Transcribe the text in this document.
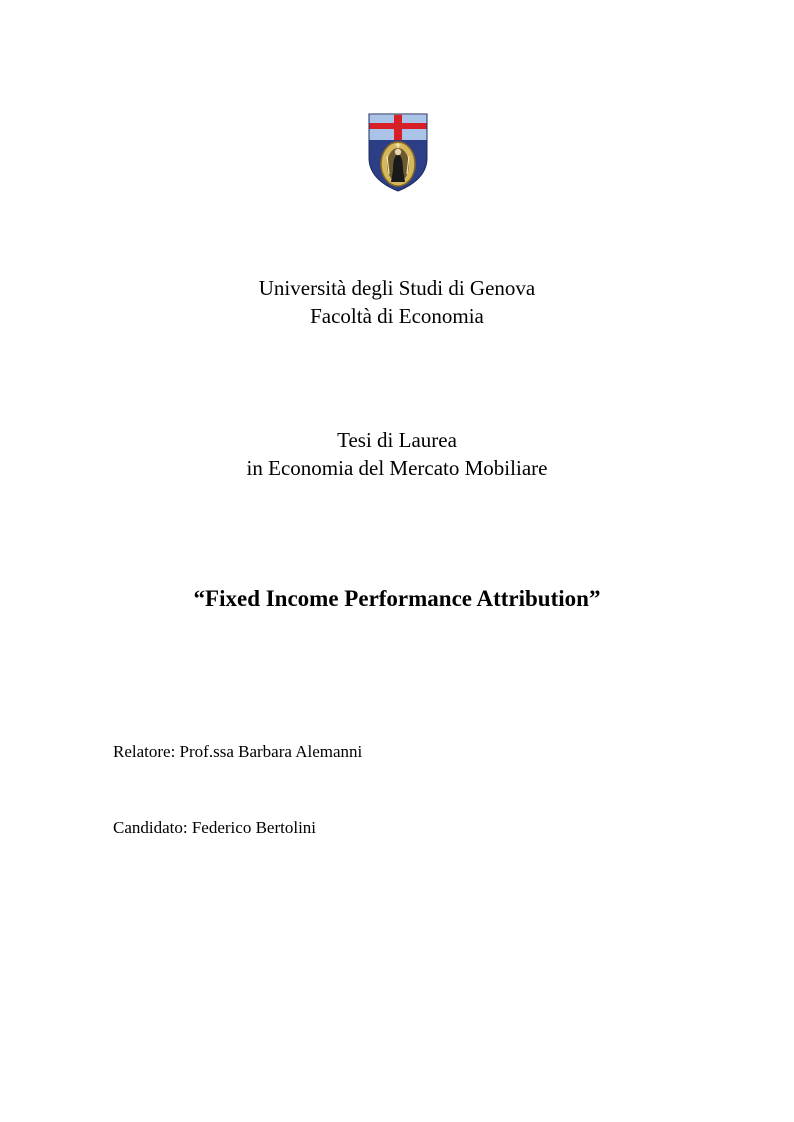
Università degli Studi di Genova
Facoltà di Economia
Tesi di Laurea
in Economia del Mercato Mobiliare
“Fixed Income Performance Attribution”
Relatore: Prof.ssa Barbara Alemanni
Candidato: Federico Bertolini
